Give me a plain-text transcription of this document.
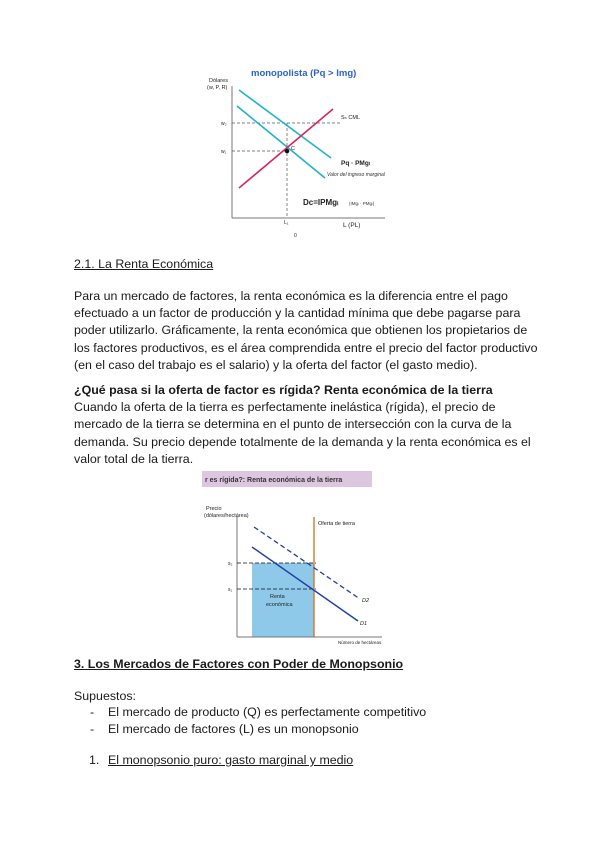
monopolista (Pq > Img)
Dólares
(w, P, R)
C
w₂
w₁
Sₙ CML
Pq · PMgₗ
Valor del ingreso marginal
Dc=IPMgₗ (IMgₗ · PMgₗ)
L₁	L (PL)
0
2.1. La Renta Económica
Para un mercado de factores, la renta económica es la diferencia entre el pago
efectuado a un factor de producción y la cantidad mínima que debe pagarse para
poder utilizarlo. Gráficamente, la renta económica que obtienen los propietarios de
los factores productivos, es el área comprendida entre el precio del factor productivo
(en el caso del trabajo es el salario) y la oferta del factor (el gasto medio).
¿Qué pasa si la oferta de factor es rígida? Renta económica de la tierra
Cuando la oferta de la tierra es perfectamente inelástica (rígida), el precio de
mercado de la tierra se determina en el punto de intersección con la curva de la
demanda. Su precio depende totalmente de la demanda y la renta económica es el
valor total de la tierra.
r es rígida?: Renta económica de la tierra
Precio
(dólares/hectárea)
s₂
s₁
Oferta de tierra
D2
D1
Renta
económica
Número de hectáreas
3. Los Mercados de Factores con Poder de Monopsonio
Supuestos:
- El mercado de producto (Q) es perfectamente competitivo
- El mercado de factores (L) es un monopsonio
1. El monopsonio puro: gasto marginal y medio
